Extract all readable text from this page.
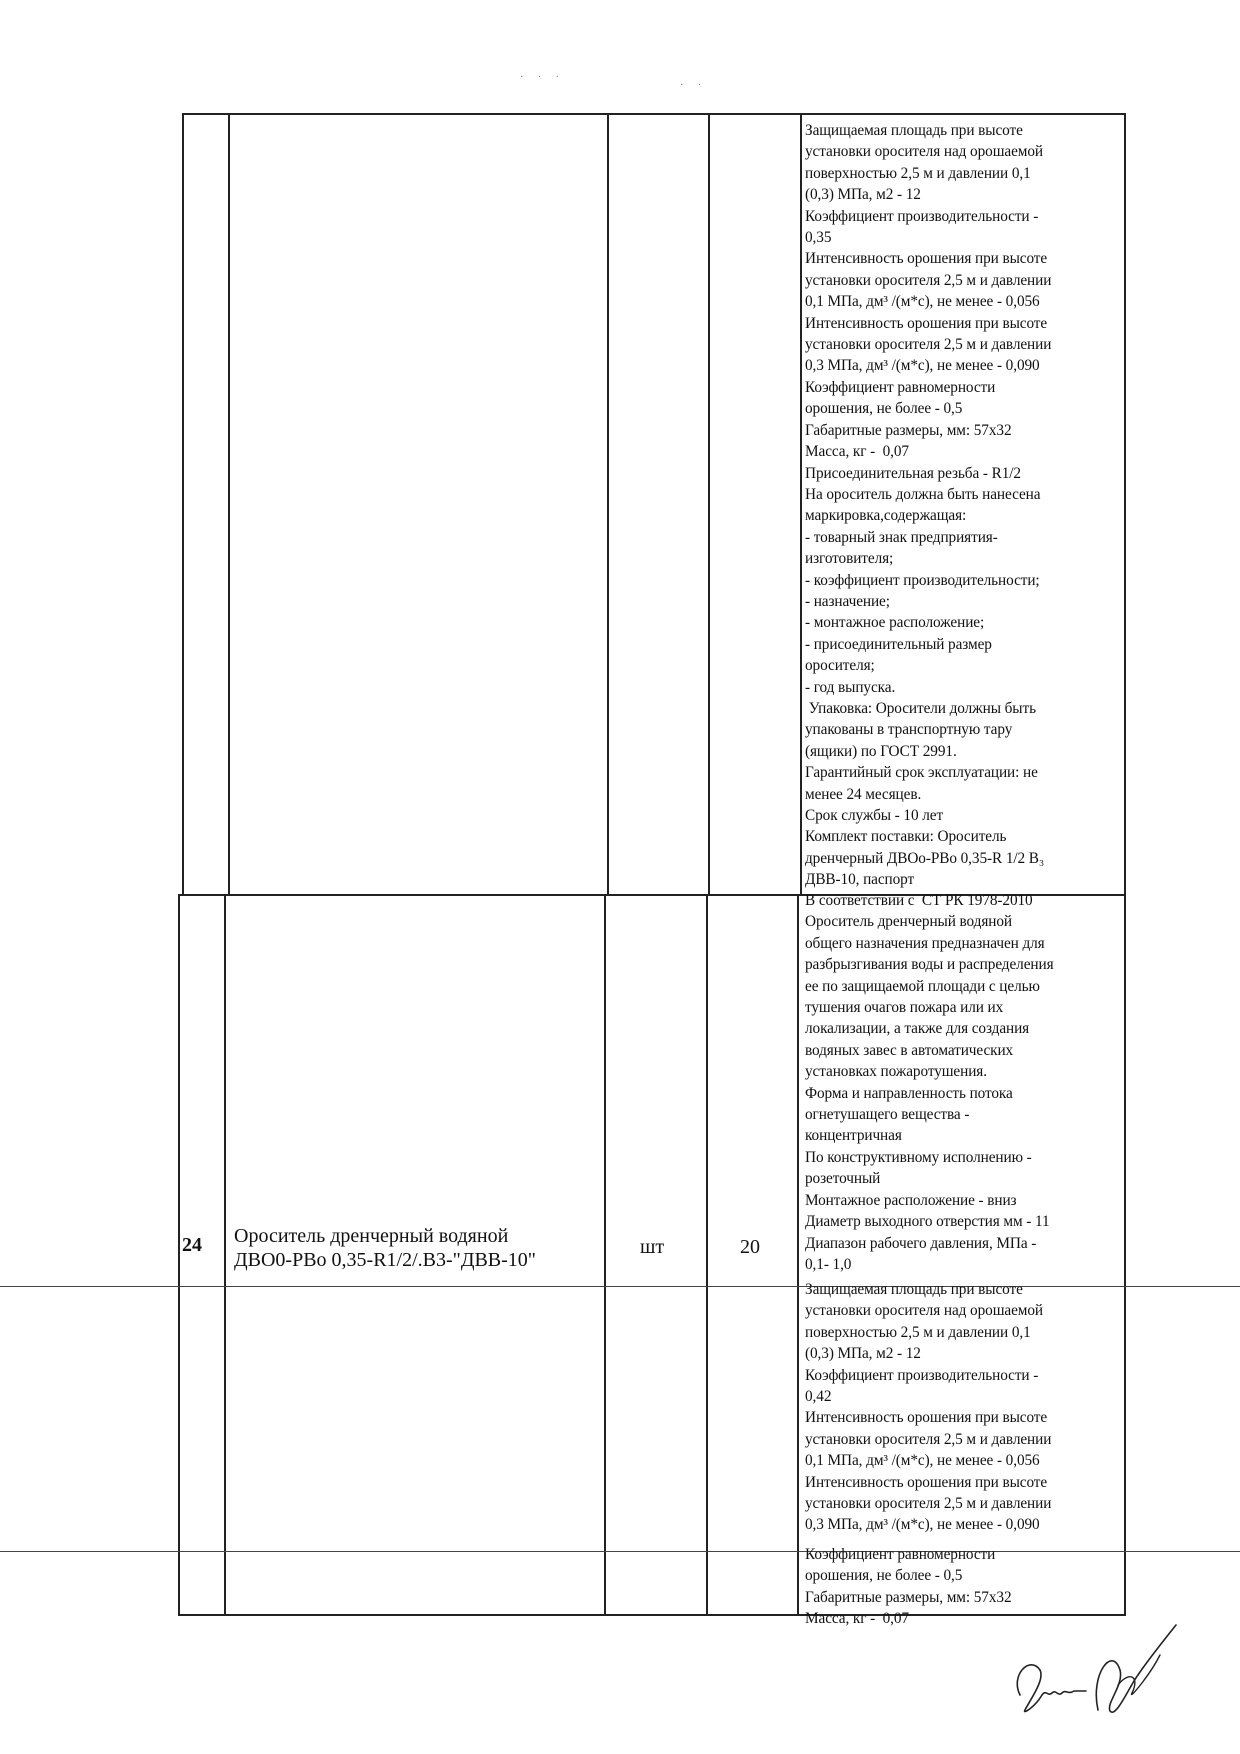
· · ·
· ·
Защищаемая площадь при высоте
установки оросителя над орошаемой
поверхностью 2,5 м и давлении 0,1
(0,3) МПа, м2 - 12
Коэффициент производительности -
0,35
Интенсивность орошения при высоте
установки оросителя 2,5 м и давлении
0,1 МПа, дм³ /(м*с), не менее - 0,056
Интенсивность орошения при высоте
установки оросителя 2,5 м и давлении
0,3 МПа, дм³ /(м*с), не менее - 0,090
Коэффициент равномерности
орошения, не более - 0,5
Габаритные размеры, мм: 57х32
Масса, кг -  0,07
Присоединительная резьба - R1/2
На ороситель должна быть нанесена
маркировка,содержащая:
- товарный знак предприятия-
изготовителя;
- коэффициент производительности;
- назначение;
- монтажное расположение;
- присоединительный размер
оросителя;
- год выпуска.
Упаковка: Оросители должны быть
упакованы в транспортную тару
(ящики) по ГОСТ 2991.
Гарантийный срок эксплуатации: не
менее 24 месяцев.
Срок службы - 10 лет
Комплект поставки: Ороситель
дренчерный ДВОо-РВо 0,35-R 1/2 В₃
ДВВ-10, паспорт
24 Ороситель дренчерный водяной
ДВО0-РВо 0,35-R1/2/.В3-"ДВВ-10"
шт	20
В соответствии с  СТ РК 1978-2010
Ороситель дренчерный водяной
общего назначения предназначен для
разбрызгивания воды и распределения
ее по защищаемой площади с целью
тушения очагов пожара или их
локализации, а также для создания
водяных завес в автоматических
установках пожаротушения.
Форма и направленность потока
огнетушащего вещества -
концентричная
По конструктивному исполнению -
розеточный
Монтажное расположение - вниз
Диаметр выходного отверстия мм - 11
Диапазон рабочего давления, МПа -
0,1- 1,0
Защищаемая площадь при высоте
установки оросителя над орошаемой
поверхностью 2,5 м и давлении 0,1
(0,3) МПа, м2 - 12
Коэффициент производительности -
0,42
Интенсивность орошения при высоте
установки оросителя 2,5 м и давлении
0,1 МПа, дм³ /(м*с), не менее - 0,056
Интенсивность орошения при высоте
установки оросителя 2,5 м и давлении
0,3 МПа, дм³ /(м*с), не менее - 0,090
Коэффициент равномерности
орошения, не более - 0,5
Габаритные размеры, мм: 57х32
Масса, кг -  0,07
